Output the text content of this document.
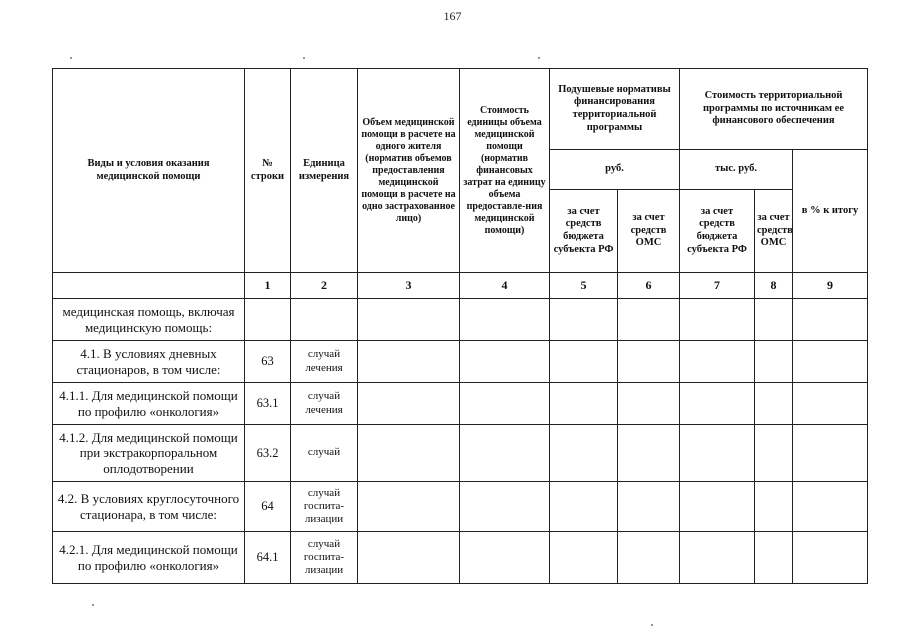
167
Виды и условия оказания медицинской помощи	№ строки	Единица измерения	Объем медицинской помощи в расчете на одного жителя (норматив объемов предоставления медицинской помощи в расчете на одно застрахованное лицо)	Стоимость единицы объема медицинской помощи (норматив финансовых затрат на единицу объема предоставле-ния медицинской помощи)	Подушевые нормативы финансирования территориальной программы		Стоимость территориальной программы по источникам ее финансового обеспечения		
					руб.		тыс. руб.		в % к итогу
					за счет средств бюджета субъекта РФ	за счет средств ОМС	за счет средств бюджета субъекта РФ	за счет средств ОМС	
	1	2	3	4	5	6	7	8	9
медицинская помощь, включая медицинскую помощь:									
4.1. В условиях дневных стационаров, в том числе:	63	случай лечения							
4.1.1. Для медицинской помощи по профилю «онкология»	63.1	случай лечения							
4.1.2. Для медицинской помощи при экстракорпоральном оплодотворении	63.2	случай							
4.2. В условиях круглосуточного стационара, в том числе:	64	случай госпита-лизации							
4.2.1. Для медицинской помощи по профилю «онкология»	64.1	случай госпита-лизации							
